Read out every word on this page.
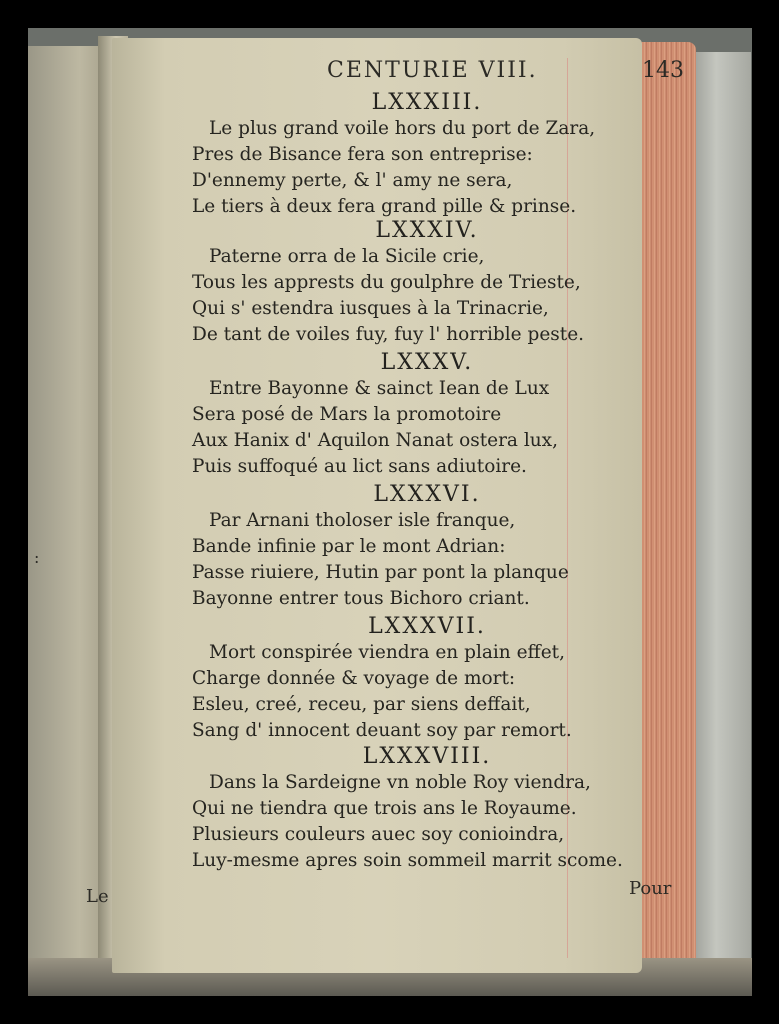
:
CENTURIE VIII.	143
LXXXIII.
Le plus grand voile hors du port de Zara,
Pres de Bisance fera son entreprise:
D'ennemy perte, & l' amy ne sera,
Le tiers à deux fera grand pille & prinse.
LXXXIV.
Paterne orra de la Sicile crie,
Tous les apprests du goulphre de Trieste,
Qui s' estendra iusques à la Trinacrie,
De tant de voiles fuy, fuy l' horrible peste.
LXXXV.
Entre Bayonne & sainct Iean de Lux
Sera posé de Mars la promotoire
Aux Hanix d' Aquilon Nanat ostera lux,
Puis suffoqué au lict sans adiutoire.
LXXXVI.
Par Arnani tholoser isle franque,
Bande infinie par le mont Adrian:
Passe riuiere, Hutin par pont la planque
Bayonne entrer tous Bichoro criant.
LXXXVII.
Mort conspirée viendra en plain effet,
Charge donnée & voyage de mort:
Esleu, creé, receu, par siens deffait,
Sang d' innocent deuant soy par remort.
LXXXVIII.
Dans la Sardeigne vn noble Roy viendra,
Qui ne tiendra que trois ans le Royaume.
Plusieurs couleurs auec soy conioindra,
Luy-mesme apres soin sommeil marrit scome.
Pour
Le
